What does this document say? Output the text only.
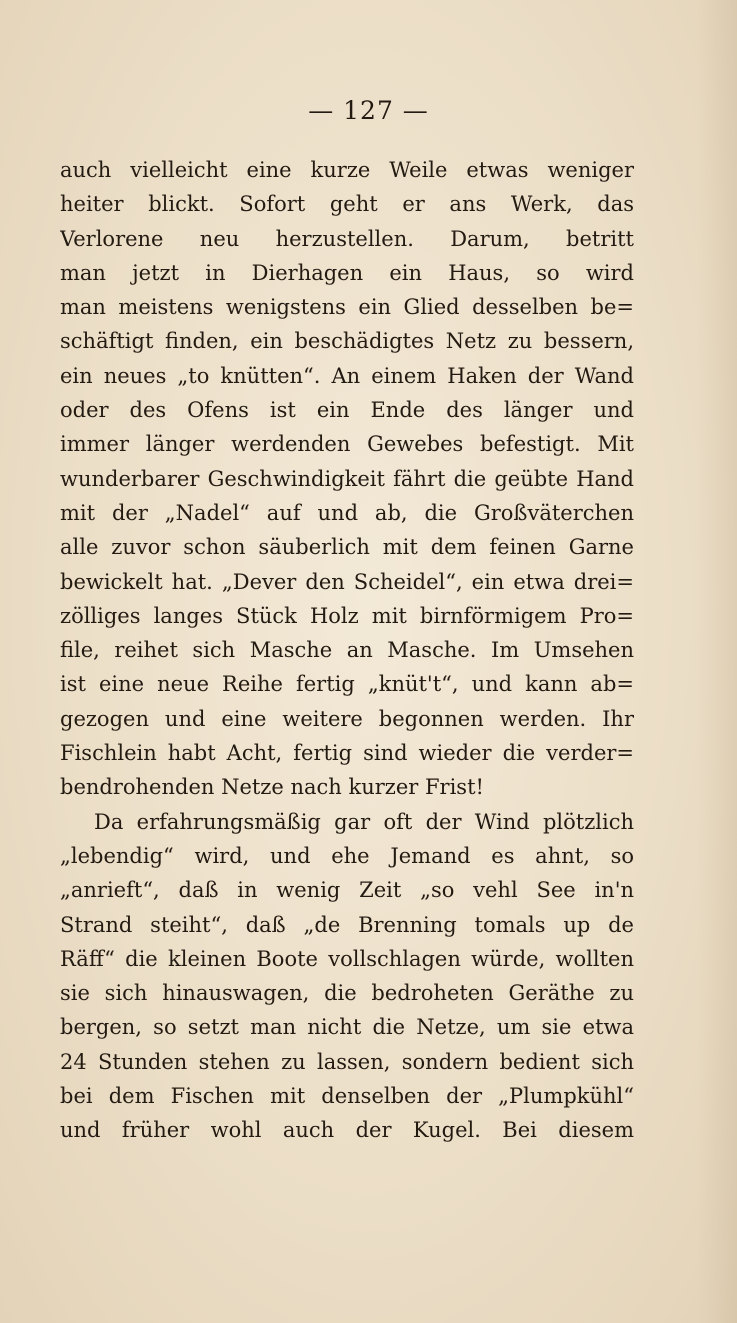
— 127 —
auch vielleicht eine kurze Weile etwas weniger
heiter blickt. Sofort geht er ans Werk, das
Verlorene neu herzustellen. Darum, betritt
man jetzt in Dierhagen ein Haus, so wird
man meistens wenigstens ein Glied desselben be=
schäftigt finden, ein beschädigtes Netz zu bessern,
ein neues „to knütten“. An einem Haken der Wand
oder des Ofens ist ein Ende des länger und
immer länger werdenden Gewebes befestigt. Mit
wunderbarer Geschwindigkeit fährt die geübte Hand
mit der „Nadel“ auf und ab, die Großväterchen
alle zuvor schon säuberlich mit dem feinen Garne
bewickelt hat. „Dever den Scheidel“, ein etwa drei=
zölliges langes Stück Holz mit birnförmigem Pro=
file, reihet sich Masche an Masche. Im Umsehen
ist eine neue Reihe fertig „knüt't“, und kann ab=
gezogen und eine weitere begonnen werden. Ihr
Fischlein habt Acht, fertig sind wieder die verder=
bendrohenden Netze nach kurzer Frist!
Da erfahrungsmäßig gar oft der Wind plötzlich
„lebendig“ wird, und ehe Jemand es ahnt, so
„anrieft“, daß in wenig Zeit „so vehl See in'n
Strand steiht“, daß „de Brenning tomals up de
Räff“ die kleinen Boote vollschlagen würde, wollten
sie sich hinauswagen, die bedroheten Geräthe zu
bergen, so setzt man nicht die Netze, um sie etwa
24 Stunden stehen zu lassen, sondern bedient sich
bei dem Fischen mit denselben der „Plumpkühl“
und früher wohl auch der Kugel. Bei diesem
